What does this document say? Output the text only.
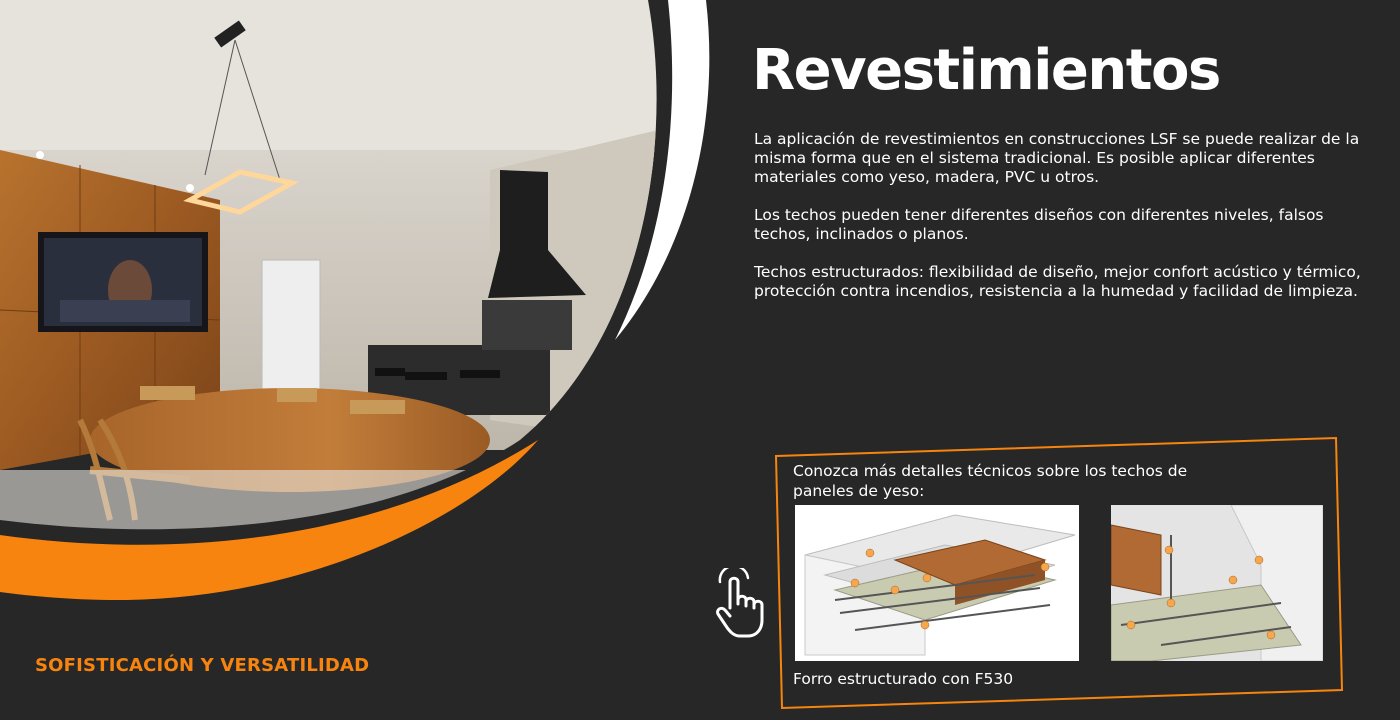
SOFISTICACIÓN Y VERSATILIDAD
Revestimientos

La aplicación de revestimientos en construcciones LSF se puede realizar de la misma forma que en el sistema tradicional. Es posible aplicar diferentes materiales como yeso, madera, PVC u otros.

Los techos pueden tener diferentes diseños con diferentes niveles, falsos techos, inclinados o planos.

Techos estructurados: flexibilidad de diseño, mejor confort acústico y térmico, protección contra incendios, resistencia a la humedad y facilidad de limpieza.

Conozca más detalles técnicos sobre los techos de paneles de yeso:
Forro estructurado con F530
